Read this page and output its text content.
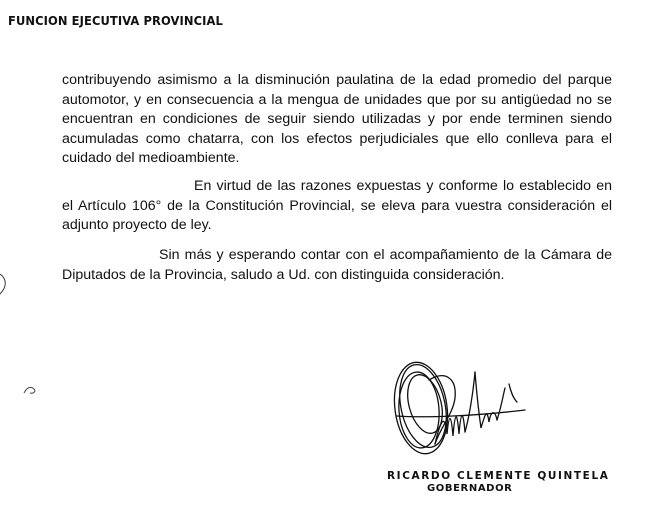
FUNCION EJECUTIVA PROVINCIAL

contribuyendo asimismo a la disminución paulatina de la edad promedio del parque automotor, y en consecuencia a la mengua de unidades que por su antigüedad no se encuentran en condiciones de seguir siendo utilizadas y por ende terminen siendo acumuladas como chatarra, con los efectos perjudiciales que ello conlleva para el cuidado del medioambiente.

En virtud de las razones expuestas y conforme lo establecido en el Artículo 106° de la Constitución Provincial, se eleva para vuestra consideración el adjunto proyecto de ley.

Sin más y esperando contar con el acompañamiento de la Cámara de Diputados de la Provincia, saludo a Ud. con distinguida consideración.

RICARDO CLEMENTE QUINTELA
GOBERNADOR
